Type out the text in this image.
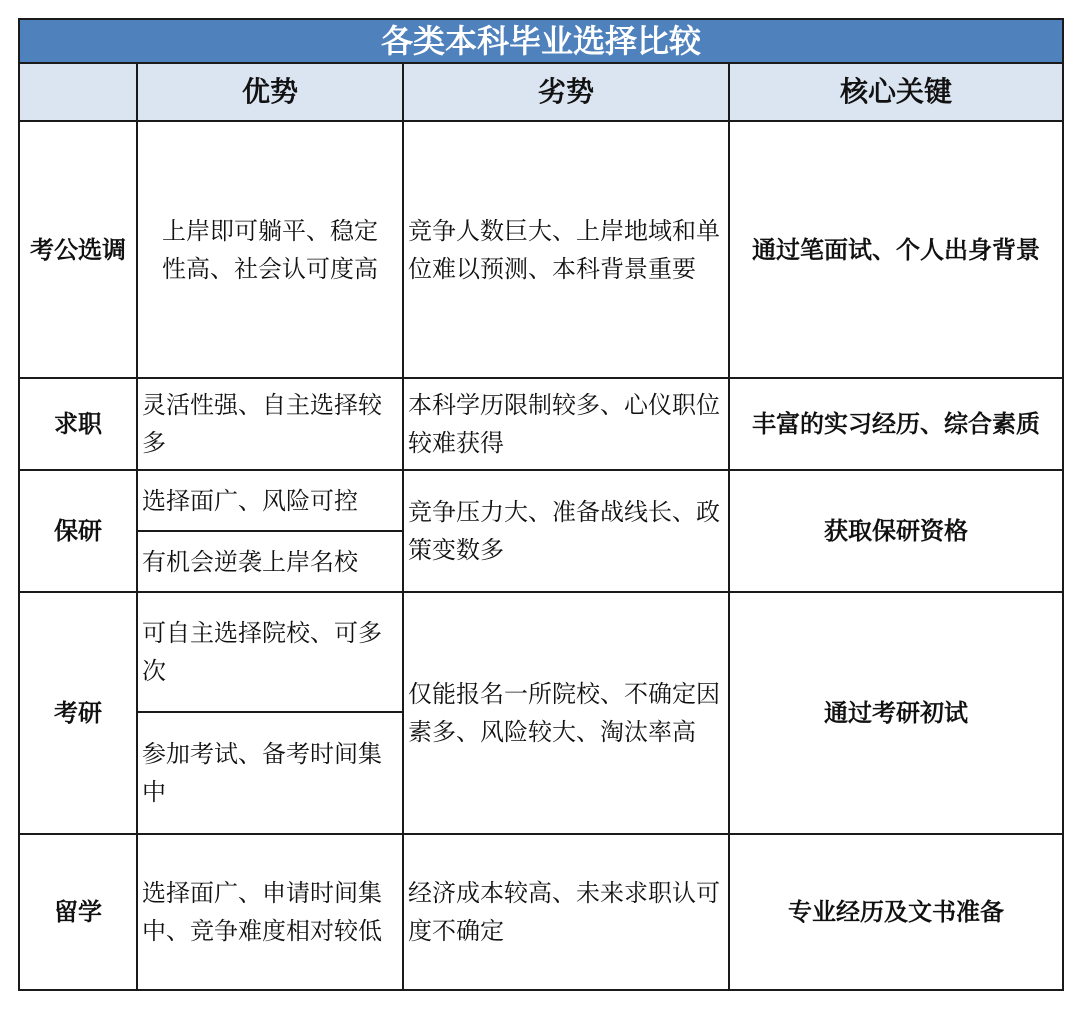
各类本科毕业选择比较			
	优势	劣势	核心关键
考公选调	上岸即可躺平、稳定性高、社会认可度高	竞争人数巨大、上岸地域和单位难以预测、本科背景重要	通过笔面试、个人出身背景
求职	灵活性强、自主选择较多	本科学历限制较多、心仪职位较难获得	丰富的实习经历、综合素质
保研	选择面广、风险可控	竞争压力大、准备战线长、政策变数多	获取保研资格
	有机会逆袭上岸名校		
考研	可自主选择院校、可多次	仅能报名一所院校、不确定因素多、风险较大、淘汰率高	通过考研初试
	参加考试、备考时间集中		
留学	选择面广、申请时间集中、竞争难度相对较低	经济成本较高、未来求职认可度不确定	专业经历及文书准备
